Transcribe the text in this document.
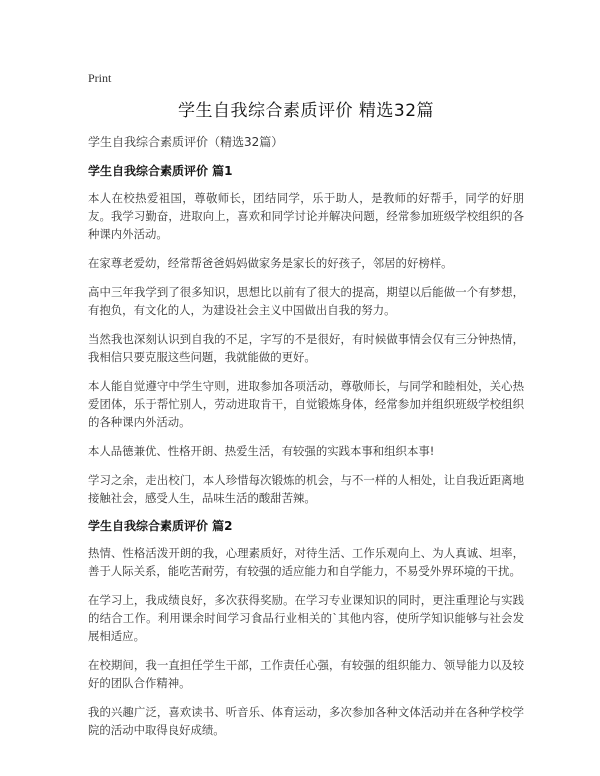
Print
学生自我综合素质评价 精选32篇
学生自我综合素质评价（精选32篇）
学生自我综合素质评价 篇1

本人在校热爱祖国，尊敬师长，团结同学，乐于助人，是教师的好帮手，同学的好朋友。我学习勤奋，进取向上，喜欢和同学讨论并解决问题，经常参加班级学校组织的各种课内外活动。

在家尊老爱幼，经常帮爸爸妈妈做家务是家长的好孩子，邻居的好榜样。

高中三年我学到了很多知识，思想比以前有了很大的提高，期望以后能做一个有梦想，有抱负，有文化的人，为建设社会主义中国做出自我的努力。

当然我也深刻认识到自我的不足，字写的不是很好，有时候做事情会仅有三分钟热情，我相信只要克服这些问题，我就能做的更好。

本人能自觉遵守中学生守则，进取参加各项活动，尊敬师长，与同学和睦相处，关心热爱团体，乐于帮忙别人，劳动进取肯干，自觉锻炼身体，经常参加并组织班级学校组织的各种课内外活动。

本人品德兼优、性格开朗、热爱生活，有较强的实践本事和组织本事!

学习之余，走出校门，本人珍惜每次锻炼的机会，与不一样的人相处，让自我近距离地接触社会，感受人生，品味生活的酸甜苦辣。

学生自我综合素质评价 篇2

热情、性格活泼开朗的我，心理素质好，对待生活、工作乐观向上、为人真诚、坦率，善于人际关系，能吃苦耐劳，有较强的适应能力和自学能力，不易受外界环境的干扰。

在学习上，我成绩良好，多次获得奖励。在学习专业课知识的同时，更注重理论与实践的结合工作。利用课余时间学习食品行业相关的`其他内容，使所学知识能够与社会发展相适应。

在校期间，我一直担任学生干部，工作责任心强，有较强的组织能力、领导能力以及较好的团队合作精神。

我的兴趣广泛，喜欢读书、听音乐、体育运动，多次参加各种文体活动并在各种学校学院的活动中取得良好成绩。
